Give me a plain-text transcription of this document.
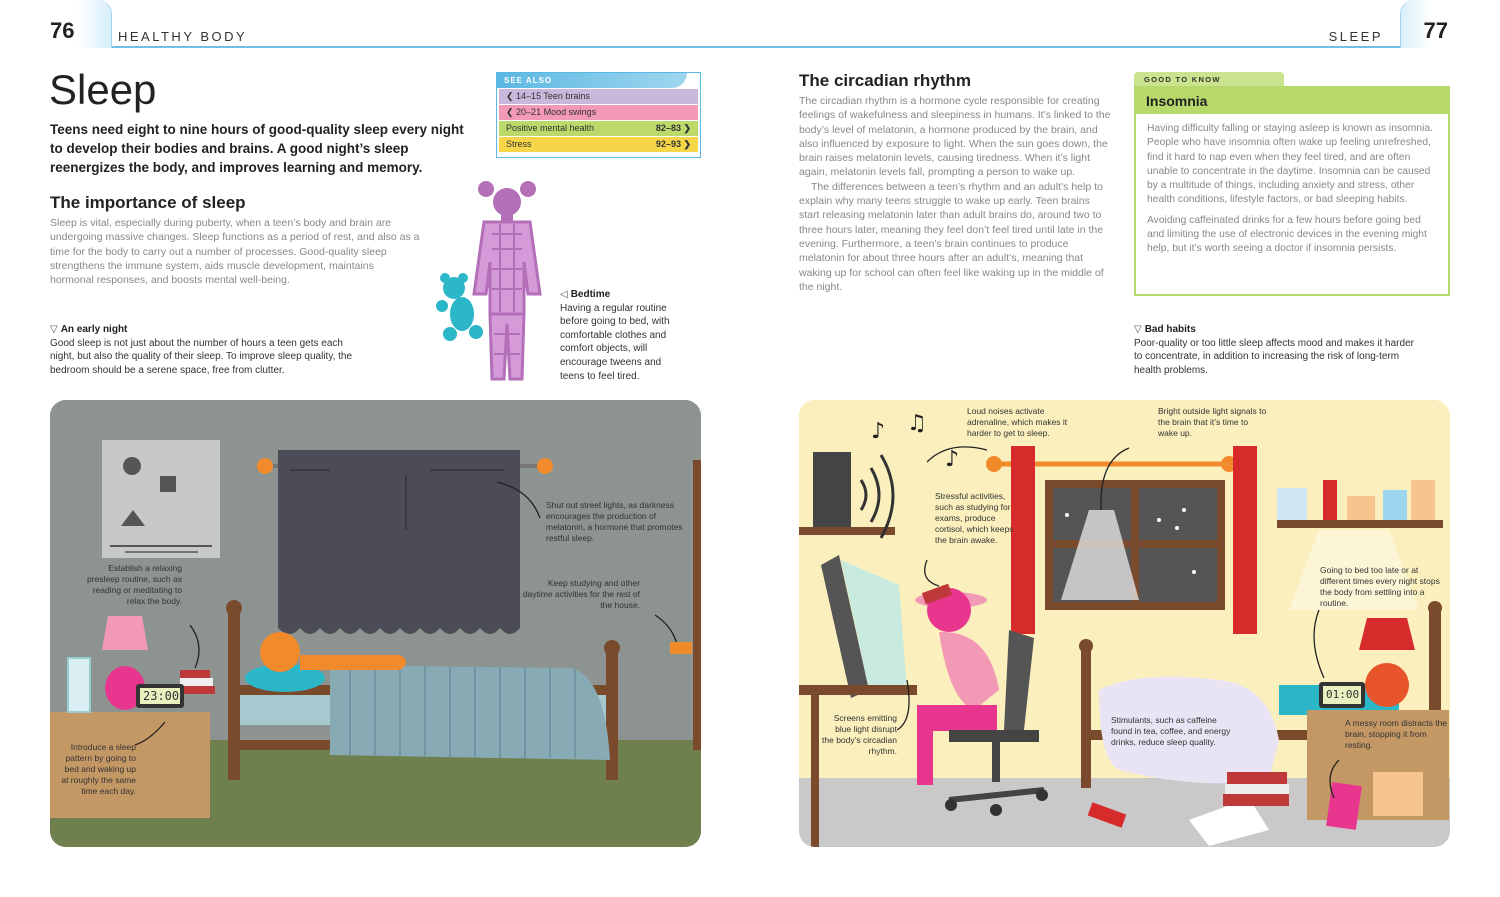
76	HEALTHY BODY	SLEEP 77
Sleep

Teens need eight to nine hours of good-quality sleep every night to develop their bodies and brains. A good night’s sleep reenergizes the body, and improves learning and memory.

The importance of sleep

Sleep is vital, especially during puberty, when a teen’s body and brain are undergoing massive changes. Sleep functions as a period of rest, and also as a time for the body to carry out a number of processes. Good-quality sleep strengthens the immune system, aids muscle development, maintains hormonal responses, and boosts mental well-being.

▽ An early night
Good sleep is not just about the number of hours a teen gets each night, but also the quality of their sleep. To improve sleep quality, the bedroom should be a serene space, free from clutter.
◁ Bedtime
Having a regular routine before going to bed, with comfortable clothes and comfort objects, will encourage tweens and teens to feel tired.
SEE ALSO
❮ 14–15 Teen brains
❮ 20–21 Mood swings
Positive mental health	82–83 ❯
Stress	92–93 ❯
The circadian rhythm

The circadian rhythm is a hormone cycle responsible for creating feelings of wakefulness and sleepiness in humans. It’s linked to the body’s level of melatonin, a hormone produced by the brain, and also influenced by exposure to light. When the sun goes down, the brain raises melatonin levels, causing tiredness. When it’s light again, melatonin levels fall, prompting a person to wake up.

The differences between a teen’s rhythm and an adult’s help to explain why many teens struggle to wake up early. Teen brains start releasing melatonin later than adult brains do, around two to three hours later, meaning they feel don’t feel tired until late in the evening. Furthermore, a teen’s brain continues to produce melatonin for about three hours after an adult’s, meaning that waking up for school can often feel like waking up in the middle of the night.

▽ Bad habits
Poor-quality or too little sleep affects mood and makes it harder to concentrate, in addition to increasing the risk of long-term health problems.
GOOD TO KNOW
Insomnia

Having difficulty falling or staying asleep is known as insomnia. People who have insomnia often wake up feeling unrefreshed, find it hard to nap even when they feel tired, and are often unable to concentrate in the daytime. Insomnia can be caused by a multitude of things, including anxiety and stress, other health conditions, lifestyle factors, or bad sleeping habits.

Avoiding caffeinated drinks for a few hours before going bed and limiting the use of electronic devices in the evening might help, but it’s worth seeing a doctor if insomnia persists.

23:00
Shut out street lights, as darkness encourages the production of melatonin, a hormone that promotes restful sleep.
Establish a relaxing presleep routine, such as reading or meditating to relax the body.
Keep studying and other daytime activities for the rest of the house.
Introduce a sleep pattern by going to bed and waking up at roughly the same time each day.
♪ ♫
♪
01:00
Loud noises activate adrenaline, which makes it harder to get to sleep.
Bright outside light signals to the brain that it’s time to wake up.
Stressful activities, such as studying for exams, produce cortisol, which keeps the brain awake.
Going to bed too late or at different times every night stops the body from settling into a routine.
Screens emitting blue light disrupt the body’s circadian rhythm.
Stimulants, such as caffeine found in tea, coffee, and energy drinks, reduce sleep quality.
A messy room distracts the brain, stopping it from resting.
